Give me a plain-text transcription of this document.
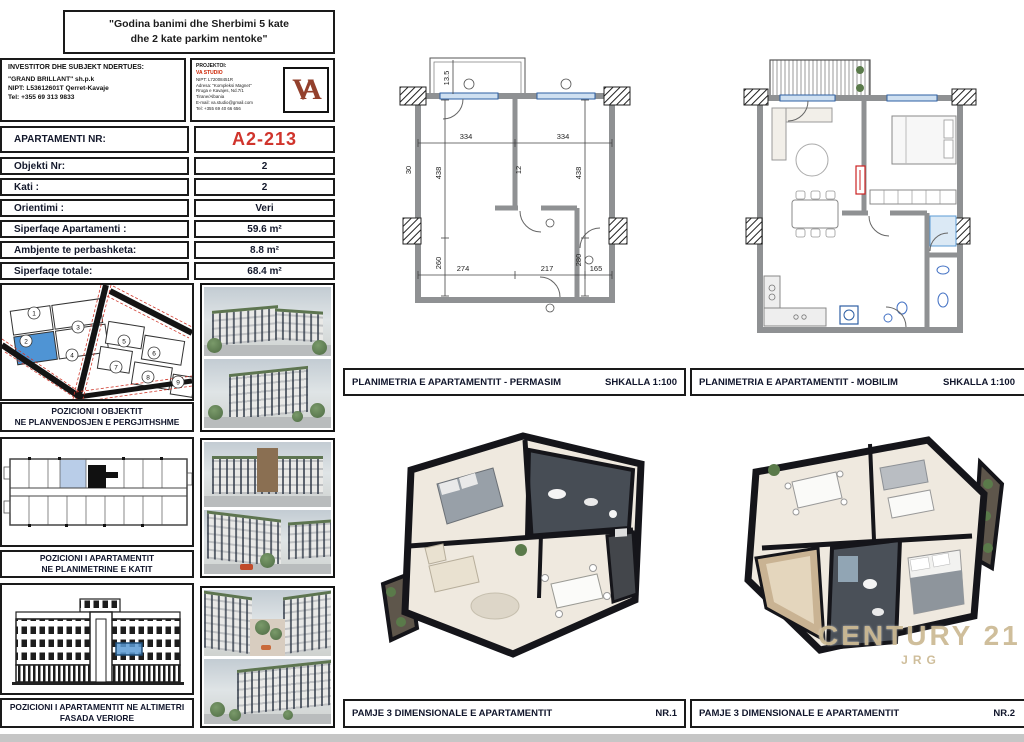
"Godina banimi dhe Sherbimi 5 kate
dhe 2 kate parkim nentoke"
INVESTITOR DHE SUBJEKT NDERTUES:
"GRAND BRILLANT" sh.p.k
NIPT: L53612601T Qerret-Kavaje
Tel: +355 69 313 9833
PROJEKTOI:
VA STUDIO
NIPT: L72008451R
Adresa: "Kompleksi Magnet"
Rruga e Kavajes, Nd.7/1
Tirane/Albania
E-mail: va.studio@gmail.com
Tel: +355 69 40 66 656
VA
APARTAMENTI NR:	A2-213
Objekti Nr:	2
Kati :	2
Orientimi :	Veri
Siperfaqe Apartamenti :	59.6 m²
Ambjente te perbashketa:	8.8 m²
Siperfaqe totale:	68.4 m²
1
2
3
4
5
6
7
8
9
POZICIONI I OBJEKTIT
NE PLANVENDOSJEN E PERGJITHSHME
POZICIONI I APARTAMENTIT
NE PLANIMETRINE E KATIT
POZICIONI I APARTAMENTIT NE ALTIMETRI
FASADA VERIORE
13.5
334	334
30	438	12	438
260	280
274	217	165
PLANIMETRIA E APARTAMENTIT - PERMASIM	SHKALLA 1:100 PLANIMETRIA E APARTAMENTIT - MOBILIM	SHKALLA 1:100
PAMJE 3 DIMENSIONALE E APARTAMENTIT	NR.1
CENTURY 21
JRG
PAMJE 3 DIMENSIONALE E APARTAMENTIT	NR.2
